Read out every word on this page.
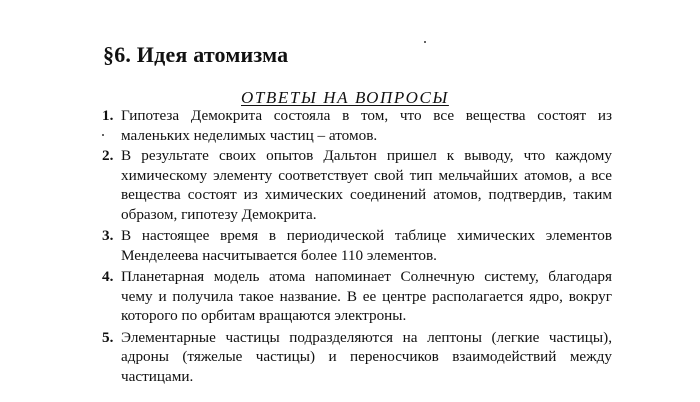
§6. Идея атомизма
ОТВЕТЫ НА ВОПРОСЫ
1. Гипотеза Демокрита состояла в том, что все вещества состоят из маленьких неделимых частиц – атомов.
2. В результате своих опытов Дальтон пришел к выводу, что каждому химическому элементу соответствует свой тип мельчайших атомов, а все вещества состоят из химических соединений атомов, подтвердив, таким образом, гипотезу Демокрита.
3. В настоящее время в периодической таблице химических элементов Менделеева насчитывается более 110 элементов.
4. Планетарная модель атома напоминает Солнечную систему, благодаря чему и получила такое название. В ее центре располагается ядро, вокруг которого по орбитам вращаются электроны.
5. Элементарные частицы подразделяются на лептоны (легкие частицы), адроны (тяжелые частицы) и переносчиков взаимодействий между частицами.
